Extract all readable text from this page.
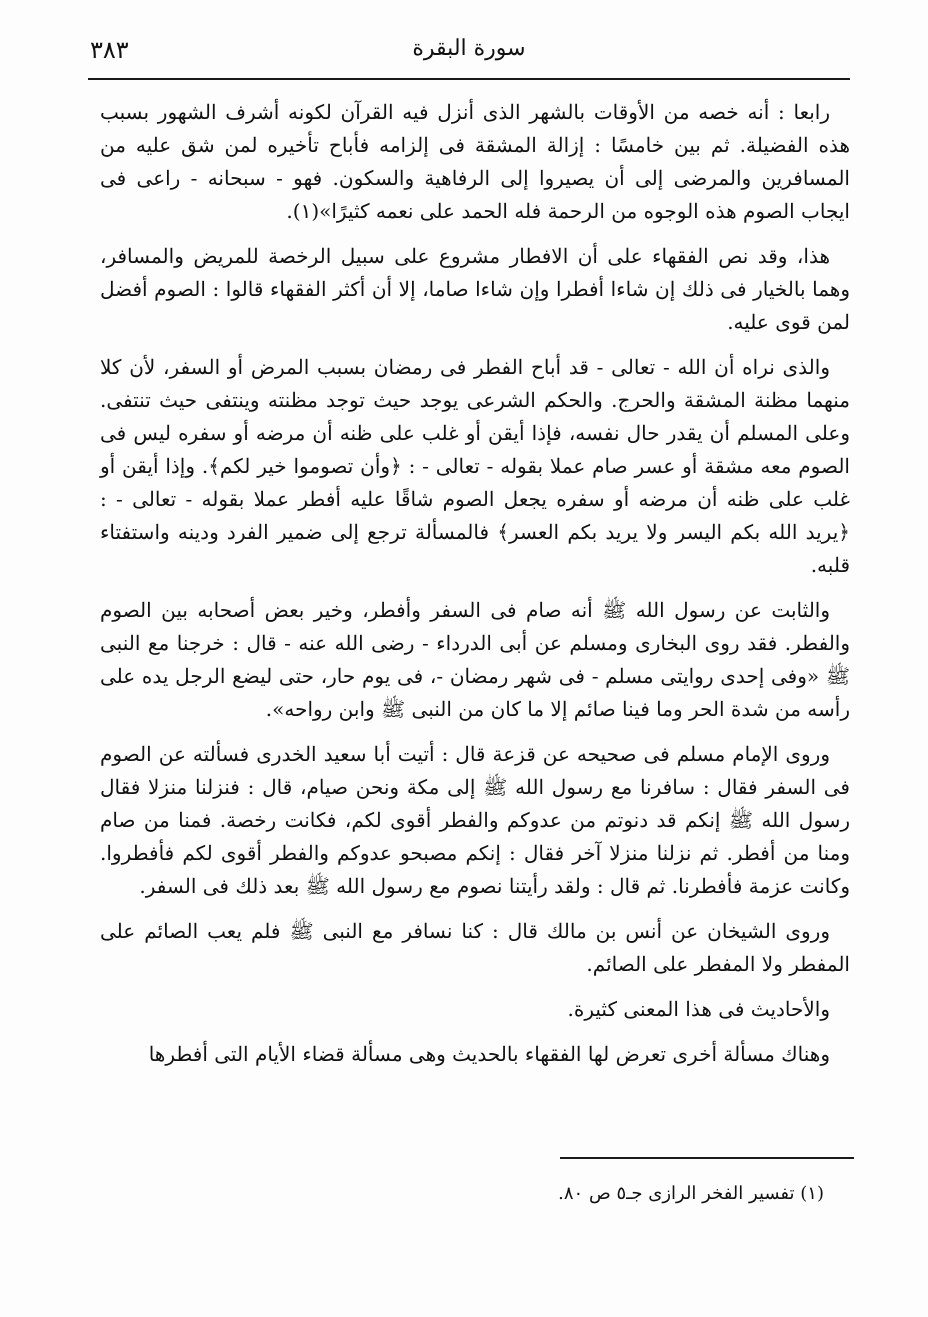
٣٨٣	سورة البقرة

رابعا : أنه خصه من الأوقات بالشهر الذى أنزل فيه القرآن لكونه أشرف الشهور بسبب هذه الفضيلة. ثم بين خامسًا : إزالة المشقة فى إلزامه فأباح تأخيره لمن شق عليه من المسافرين والمرضى إلى أن يصيروا إلى الرفاهية والسكون. فهو - سبحانه - راعى فى ايجاب الصوم هذه الوجوه من الرحمة فله الحمد على نعمه كثيرًا»(١).

هذا، وقد نص الفقهاء على أن الافطار مشروع على سبيل الرخصة للمريض والمسافر، وهما بالخيار فى ذلك إن شاءا أفطرا وإن شاءا صاما، إلا أن أكثر الفقهاء قالوا : الصوم أفضل لمن قوى عليه.

والذى نراه أن الله - تعالى - قد أباح الفطر فى رمضان بسبب المرض أو السفر، لأن كلا منهما مظنة المشقة والحرج. والحكم الشرعى يوجد حيث توجد مظنته وينتفى حيث تنتفى. وعلى المسلم أن يقدر حال نفسه، فإذا أيقن أو غلب على ظنه أن مرضه أو سفره ليس فى الصوم معه مشقة أو عسر صام عملا بقوله - تعالى - : ﴿وأن تصوموا خير لكم﴾. وإذا أيقن أو غلب على ظنه أن مرضه أو سفره يجعل الصوم شاقًا عليه أفطر عملا بقوله - تعالى - : ﴿يريد الله بكم اليسر ولا يريد بكم العسر﴾ فالمسألة ترجع إلى ضمير الفرد ودينه واستفتاء قلبه.

والثابت عن رسول الله ﷺ أنه صام فى السفر وأفطر، وخير بعض أصحابه بين الصوم والفطر. فقد روى البخارى ومسلم عن أبى الدرداء - رضى الله عنه - قال : خرجنا مع النبى ﷺ «وفى إحدى روايتى مسلم - فى شهر رمضان -، فى يوم حار، حتى ليضع الرجل يده على رأسه من شدة الحر وما فينا صائم إلا ما كان من النبى ﷺ وابن رواحه».

وروى الإمام مسلم فى صحيحه عن قزعة قال : أتيت أبا سعيد الخدرى فسألته عن الصوم فى السفر فقال : سافرنا مع رسول الله ﷺ إلى مكة ونحن صيام، قال : فنزلنا منزلا فقال رسول الله ﷺ إنكم قد دنوتم من عدوكم والفطر أقوى لكم، فكانت رخصة. فمنا من صام ومنا من أفطر. ثم نزلنا منزلا آخر فقال : إنكم مصبحو عدوكم والفطر أقوى لكم فأفطروا. وكانت عزمة فأفطرنا. ثم قال : ولقد رأيتنا نصوم مع رسول الله ﷺ بعد ذلك فى السفر.

وروى الشيخان عن أنس بن مالك قال : كنا نسافر مع النبى ﷺ فلم يعب الصائم على المفطر ولا المفطر على الصائم.

والأحاديث فى هذا المعنى كثيرة.

وهناك مسألة أخرى تعرض لها الفقهاء بالحديث وهى مسألة قضاء الأيام التى أفطرها

(١) تفسير الفخر الرازى جـ٥ ص ٨٠.
